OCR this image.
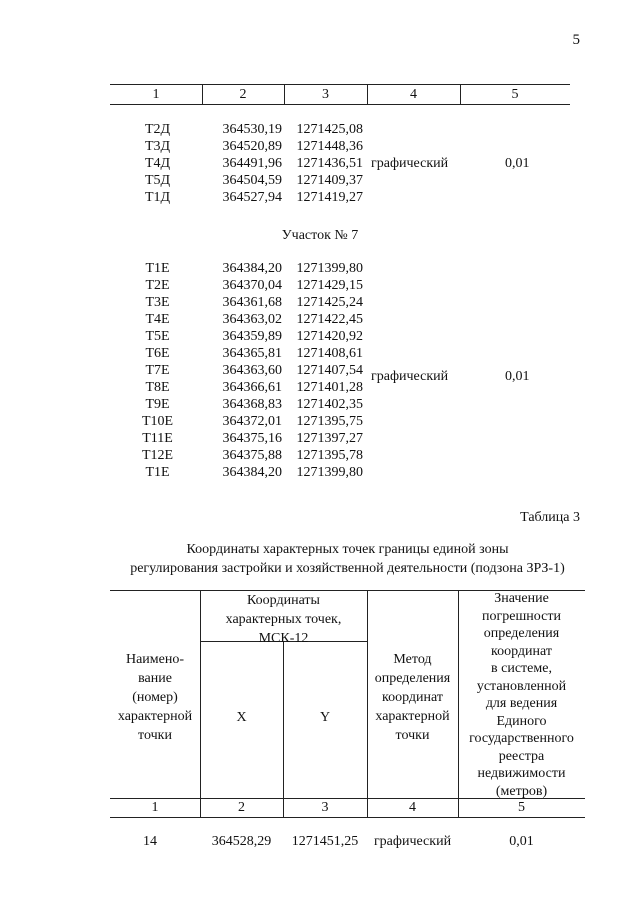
5
1	2	3	4	5
Т2Д	364530,19	1271425,08
Т3Д	364520,89	1271448,36
Т4Д	364491,96	1271436,51
Т5Д	364504,59	1271409,37
Т1Д	364527,94	1271419,27
графический	0,01
Участок № 7
Т1Е	364384,20	1271399,80
Т2Е	364370,04	1271429,15
Т3Е	364361,68	1271425,24
Т4Е	364363,02	1271422,45
Т5Е	364359,89	1271420,92
Т6Е	364365,81	1271408,61
Т7Е	364363,60	1271407,54
Т8Е	364366,61	1271401,28
Т9Е	364368,83	1271402,35
Т10Е	364372,01	1271395,75
Т11Е	364375,16	1271397,27
Т12Е	364375,88	1271395,78
Т1Е	364384,20	1271399,80
графический	0,01
Таблица 3
Координаты характерных точек границы единой зоны
регулирования застройки и хозяйственной деятельности (подзона ЗРЗ-1)
Наимено-
вание
(номер)
характерной
точки
Координаты
характерных точек,
МСК-12
X	Y
Метод
определения
координат
характерной
точки
Значение
погрешности
определения
координат
в системе,
установленной
для ведения
Единого
государственного
реестра
недвижимости
(метров)
1	2	3	4	5
14	364528,29	1271451,25	графический	0,01
